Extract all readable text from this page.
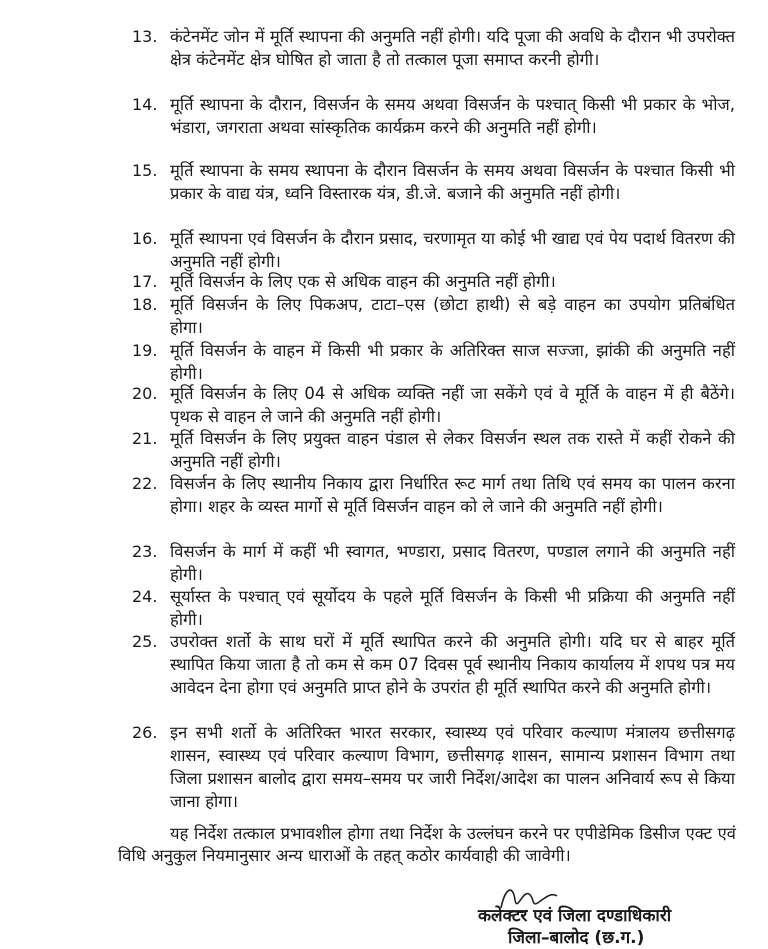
13. कंटेनमेंट जोन में मूर्ति स्थापना की अनुमति नहीं होगी। यदि पूजा की अवधि के दौरान भी उपरोक्त क्षेत्र कंटेनमेंट क्षेत्र घोषित हो जाता है तो तत्काल पूजा समाप्त करनी होगी।
14. मूर्ति स्थापना के दौरान, विसर्जन के समय अथवा विसर्जन के पश्चात् किसी भी प्रकार के भोज, भंडारा, जगराता अथवा सांस्कृतिक कार्यक्रम करने की अनुमति नहीं होगी।
15. मूर्ति स्थापना के समय स्थापना के दौरान विसर्जन के समय अथवा विसर्जन के पश्चात किसी भी प्रकार के वाद्य यंत्र, ध्वनि विस्तारक यंत्र, डी.जे. बजाने की अनुमति नहीं होगी।
16. मूर्ति स्थापना एवं विसर्जन के दौरान प्रसाद, चरणामृत या कोई भी खाद्य एवं पेय पदार्थ वितरण की अनुमति नहीं होगी।
17. मूर्ति विसर्जन के लिए एक से अधिक वाहन की अनुमति नहीं होगी।
18. मूर्ति विसर्जन के लिए पिकअप, टाटा–एस (छोटा हाथी) से बड़े वाहन का उपयोग प्रतिबंधित होगा।
19. मूर्ति विसर्जन के वाहन में किसी भी प्रकार के अतिरिक्त साज सज्जा, झांकी की अनुमति नहीं होगी।
20. मूर्ति विसर्जन के लिए 04 से अधिक व्यक्ति नहीं जा सकेंगे एवं वे मूर्ति के वाहन में ही बैठेंगे। पृथक से वाहन ले जाने की अनुमति नहीं होगी।
21. मूर्ति विसर्जन के लिए प्रयुक्त वाहन पंडाल से लेकर विसर्जन स्थल तक रास्ते में कहीं रोकने की अनुमति नहीं होगी।
22. विसर्जन के लिए स्थानीय निकाय द्वारा निर्धारित रूट मार्ग तथा तिथि एवं समय का पालन करना होगा। शहर के व्यस्त मार्गो से मूर्ति विसर्जन वाहन को ले जाने की अनुमति नहीं होगी।
23. विसर्जन के मार्ग में कहीं भी स्वागत, भण्डारा, प्रसाद वितरण, पण्डाल लगाने की अनुमति नहीं होगी।
24. सूर्यास्त के पश्चात् एवं सूर्योदय के पहले मूर्ति विसर्जन के किसी भी प्रक्रिया की अनुमति नहीं होगी।
25. उपरोक्त शर्तो के साथ घरों में मूर्ति स्थापित करने की अनुमति होगी। यदि घर से बाहर मूर्ति स्थापित किया जाता है तो कम से कम 07 दिवस पूर्व स्थानीय निकाय कार्यालय में शपथ पत्र मय आवेदन देना होगा एवं अनुमति प्राप्त होने के उपरांत ही मूर्ति स्थापित करने की अनुमति होगी।
26. इन सभी शर्तो के अतिरिक्त भारत सरकार, स्वास्थ्य एवं परिवार कल्याण मंत्रालय छत्तीसगढ़ शासन, स्वास्थ्य एवं परिवार कल्याण विभाग, छत्तीसगढ़ शासन, सामान्य प्रशासन विभाग तथा जिला प्रशासन बालोद द्वारा समय–समय पर जारी निर्देश/आदेश का पालन अनिवार्य रूप से किया जाना होगा।
यह निर्देश तत्काल प्रभावशील होगा तथा निर्देश के उल्लंघन करने पर एपीडेमिक डिसीज एक्ट एवं विधि अनुकुल नियमानुसार अन्य धाराओं के तहत् कठोर कार्यवाही की जावेगी।
कलेक्टर एवं जिला दण्डाधिकारी
जिला–बालोद (छ.ग.)
